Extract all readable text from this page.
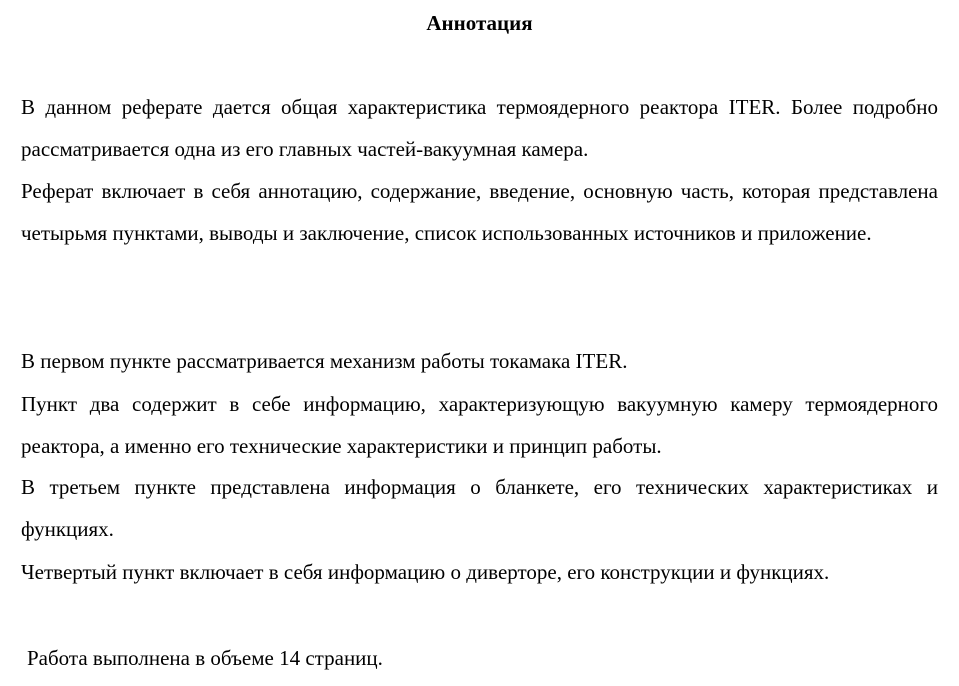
Аннотация

В данном реферате дается общая характеристика термоядерного реактора ITER. Более подробно рассматривается одна из его главных частей-вакуумная камера.

Реферат включает в себя аннотацию, содержание, введение, основную часть, которая представлена четырьмя пунктами, выводы и заключение, список использованных источников и приложение.

В первом пункте рассматривается механизм работы токамака ITER.

Пункт два содержит в себе информацию, характеризующую вакуумную камеру термоядерного реактора, а именно его технические характеристики и принцип работы.

В третьем пункте представлена информация о бланкете, его технических характеристиках и функциях.

Четвертый пункт включает в себя информацию о диверторе, его конструкции и функциях.

Работа выполнена в объеме 14 страниц.
